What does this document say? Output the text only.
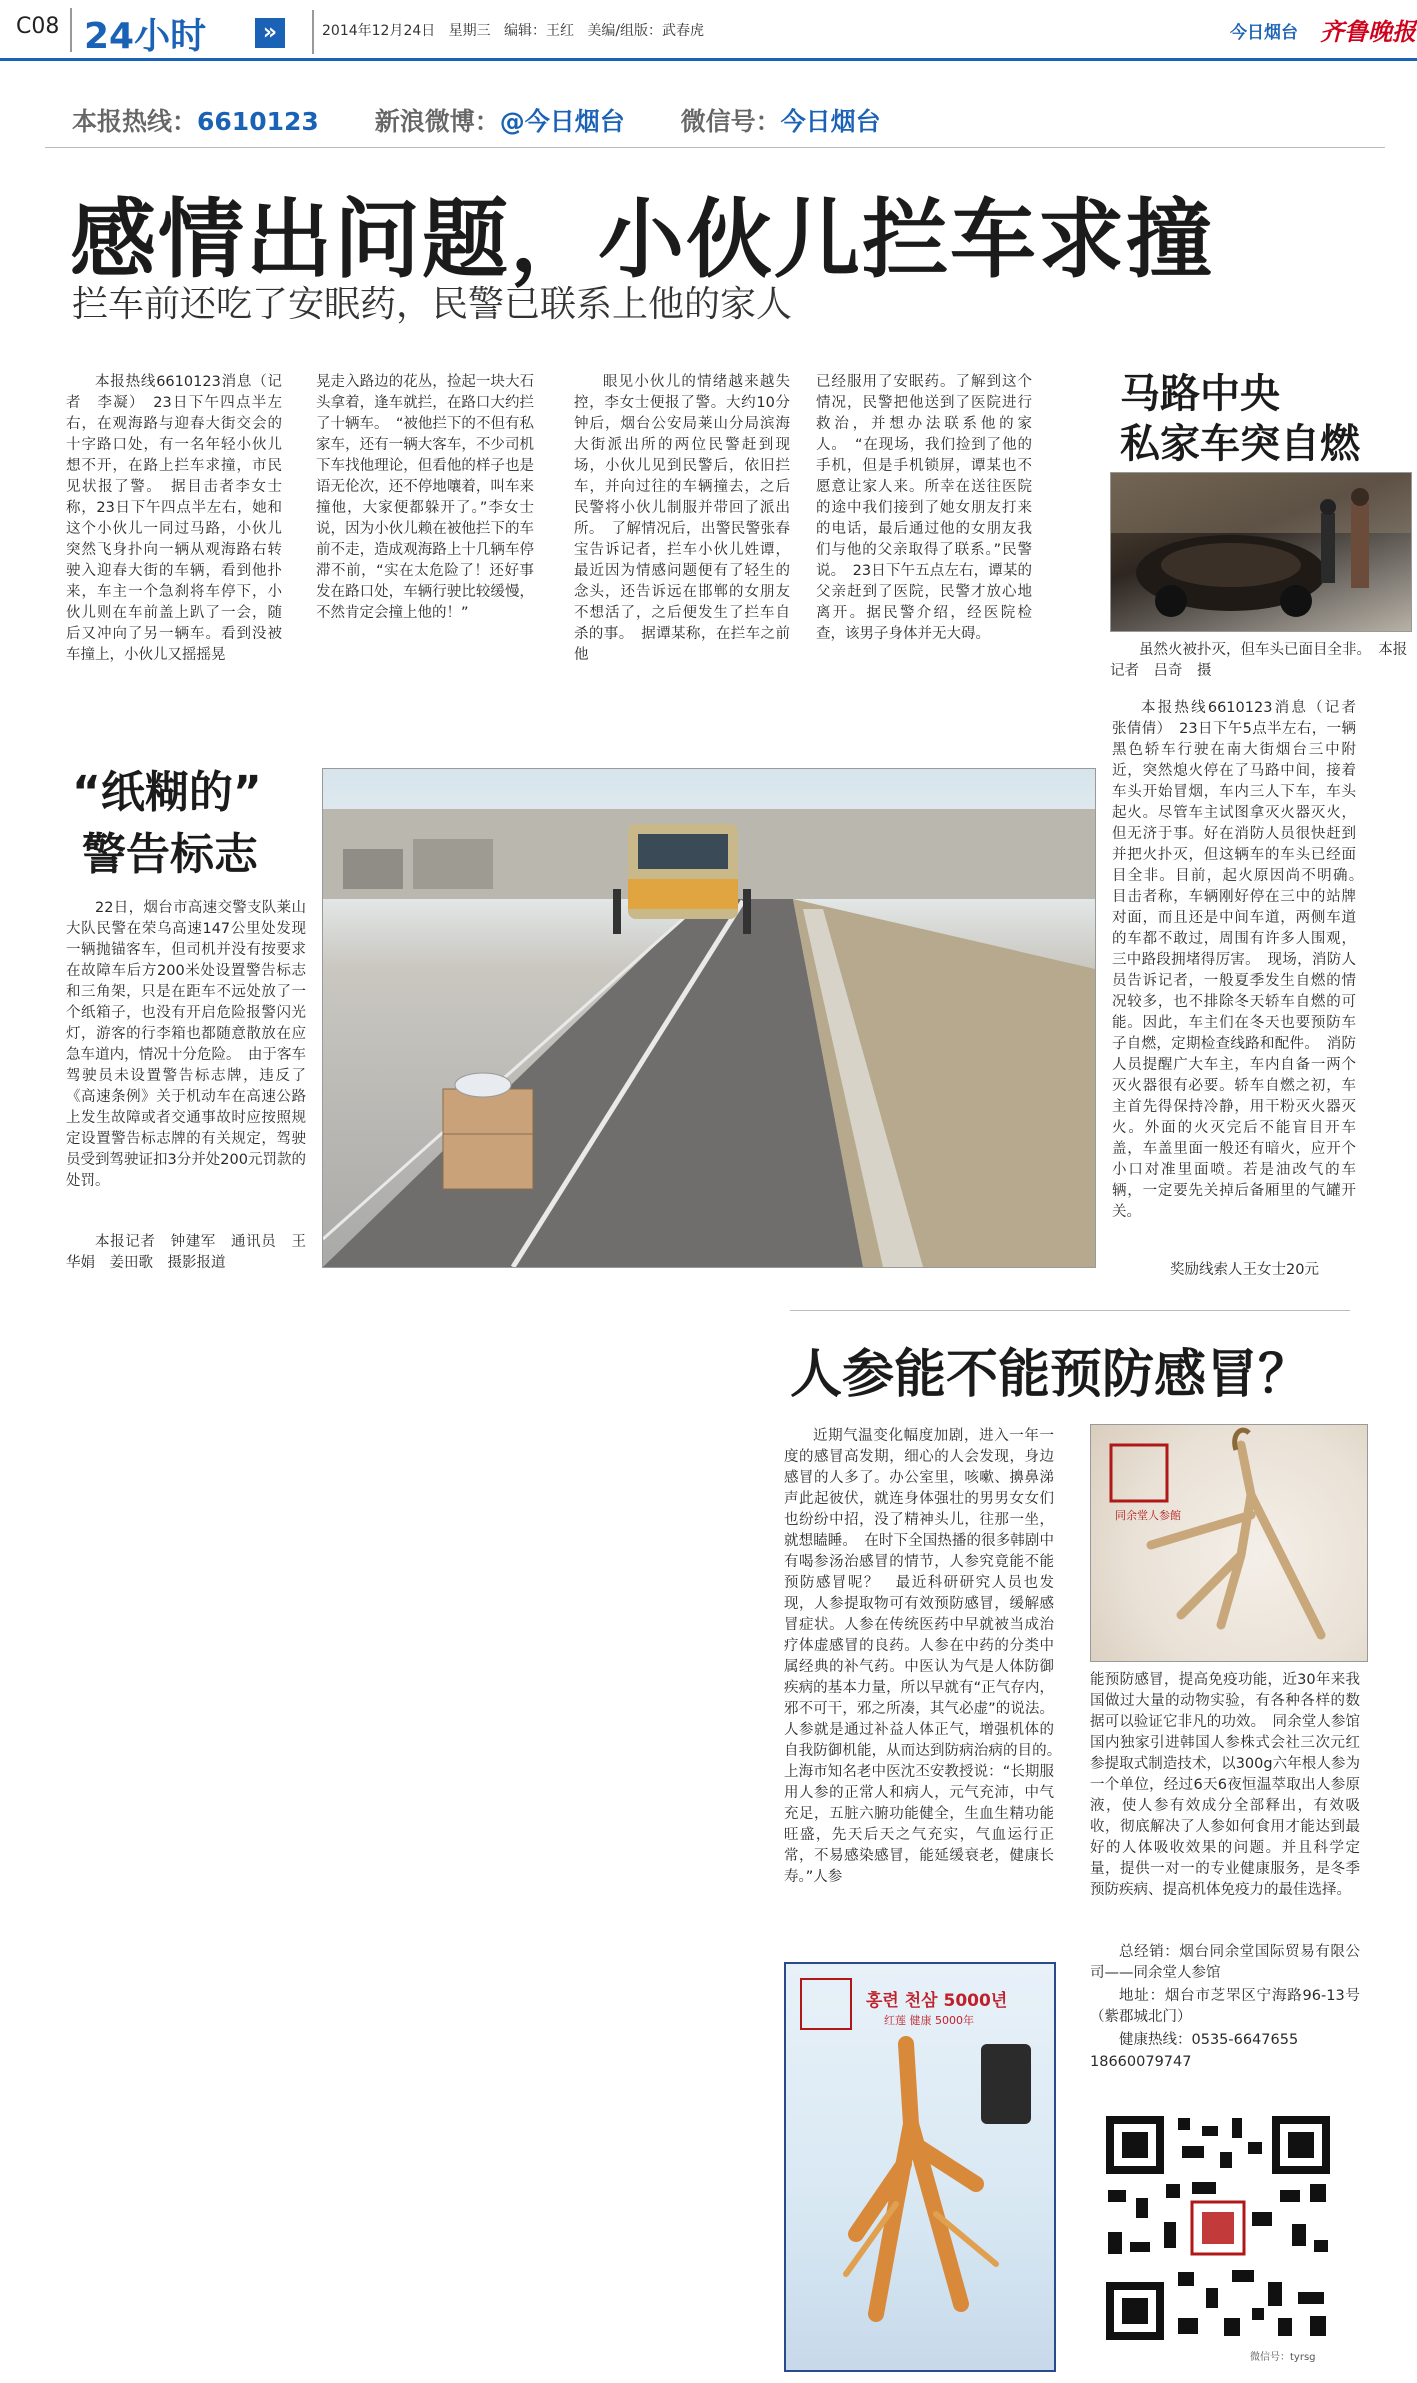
C08 24小时	»	2014年12月24日 星期三 编辑：王红 美编/组版：武春虎	今日烟台 齐鲁晚报
本报热线：6610123 新浪微博：@今日烟台 微信号：今日烟台
感情出问题，小伙儿拦车求撞
拦车前还吃了安眠药，民警已联系上他的家人

本报热线6610123消息（记者　李凝）　23日下午四点半左右，在观海路与迎春大街交会的十字路口处，有一名年轻小伙儿想不开，在路上拦车求撞，市民见状报了警。　据目击者李女士称，23日下午四点半左右，她和这个小伙儿一同过马路，小伙儿突然飞身扑向一辆从观海路右转驶入迎春大街的车辆，看到他扑来，车主一个急刹将车停下，小伙儿则在车前盖上趴了一会，随后又冲向了另一辆车。看到没被车撞上，小伙儿又摇摇晃

晃走入路边的花丛，捡起一块大石头拿着，逢车就拦，在路口大约拦了十辆车。　“被他拦下的不但有私家车，还有一辆大客车，不少司机下车找他理论，但看他的样子也是语无伦次，还不停地嚷着，叫车来撞他，大家便都躲开了。”李女士说，因为小伙儿赖在被他拦下的车前不走，造成观海路上十几辆车停滞不前，“实在太危险了！还好事发在路口处，车辆行驶比较缓慢，不然肯定会撞上他的！”

眼见小伙儿的情绪越来越失控，李女士便报了警。大约10分钟后，烟台公安局莱山分局滨海大街派出所的两位民警赶到现场，小伙儿见到民警后，依旧拦车，并向过往的车辆撞去，之后民警将小伙儿制服并带回了派出所。　了解情况后，出警民警张春宝告诉记者，拦车小伙儿姓谭，最近因为情感问题便有了轻生的念头，还告诉远在邯郸的女朋友不想活了，之后便发生了拦车自杀的事。　据谭某称，在拦车之前他

已经服用了安眠药。了解到这个情况，民警把他送到了医院进行救治，并想办法联系他的家人。　“在现场，我们捡到了他的手机，但是手机锁屏，谭某也不愿意让家人来。所幸在送往医院的途中我们接到了她女朋友打来的电话，最后通过他的女朋友我们与他的父亲取得了联系。”民警说。　23日下午五点左右，谭某的父亲赶到了医院，民警才放心地离开。据民警介绍，经医院检查，该男子身体并无大碍。

马路中央
私家车突自燃
虽然火被扑灭，但车头已面目全非。　本报记者　吕奇　摄

本报热线6610123消息（记者　张倩倩）　23日下午5点半左右，一辆黑色轿车行驶在南大街烟台三中附近，突然熄火停在了马路中间，接着车头开始冒烟，车内三人下车，车头起火。尽管车主试图拿灭火器灭火，但无济于事。好在消防人员很快赶到并把火扑灭，但这辆车的车头已经面目全非。目前，起火原因尚不明确。　目击者称，车辆刚好停在三中的站牌对面，而且还是中间车道，两侧车道的车都不敢过，周围有许多人围观，三中路段拥堵得厉害。　现场，消防人员告诉记者，一般夏季发生自燃的情况较多，也不排除冬天轿车自燃的可能。因此，车主们在冬天也要预防车子自燃，定期检查线路和配件。　消防人员提醒广大车主，车内自备一两个灭火器很有必要。轿车自燃之初，车主首先得保持冷静，用干粉灭火器灭火。外面的火灭完后不能盲目开车盖，车盖里面一般还有暗火，应开个小口对准里面喷。若是油改气的车辆，一定要先关掉后备厢里的气罐开关。

奖励线索人王女士20元
“纸糊的”
警告标志

22日，烟台市高速交警支队莱山大队民警在荣乌高速147公里处发现一辆抛锚客车，但司机并没有按要求在故障车后方200米处设置警告标志和三角架，只是在距车不远处放了一个纸箱子，也没有开启危险报警闪光灯，游客的行李箱也都随意散放在应急车道内，情况十分危险。　由于客车驾驶员未设置警告标志牌，违反了《高速条例》关于机动车在高速公路上发生故障或者交通事故时应按照规定设置警告标志牌的有关规定，驾驶员受到驾驶证扣3分并处200元罚款的处罚。

本报记者　钟建军　通讯员　王华娟　姜田歌　摄影报道

人参能不能预防感冒？

近期气温变化幅度加剧，进入一年一度的感冒高发期，细心的人会发现，身边感冒的人多了。办公室里，咳嗽、擤鼻涕声此起彼伏，就连身体强壮的男男女女们也纷纷中招，没了精神头儿，往那一坐，就想瞌睡。　在时下全国热播的很多韩剧中有喝参汤治感冒的情节，人参究竟能不能预防感冒呢？　最近科研研究人员也发现，人参提取物可有效预防感冒，缓解感冒症状。人参在传统医药中早就被当成治疗体虚感冒的良药。人参在中药的分类中属经典的补气药。中医认为气是人体防御疾病的基本力量，所以早就有“正气存内，邪不可干，邪之所凑，其气必虚”的说法。人参就是通过补益人体正气，增强机体的自我防御机能，从而达到防病治病的目的。　上海市知名老中医沈丕安教授说：“长期服用人参的正常人和病人，元气充沛，中气充足，五脏六腑功能健全，生血生精功能旺盛，先天后天之气充实，气血运行正常，不易感染感冒，能延缓衰老，健康长寿。”人参

同余堂人参館

能预防感冒，提高免疫功能，近30年来我国做过大量的动物实验，有各种各样的数据可以验证它非凡的功效。　同余堂人参馆国内独家引进韩国人参株式会社三次元红参提取式制造技术，以300g六年根人参为一个单位，经过6天6夜恒温萃取出人参原液，使人参有效成分全部释出，有效吸收，彻底解决了人参如何食用才能达到最好的人体吸收效果的问题。并且科学定量，提供一对一的专业健康服务，是冬季预防疾病、提高机体免疫力的最佳选择。

总经销：烟台同余堂国际贸易有限公司——同余堂人参馆

地址：烟台市芝罘区宁海路96-13号（紫郡城北门）

健康热线：0535-6647655

18660079747

홍련 천삼 5000년
红莲 健康 5000年
微信号：tyrsg
